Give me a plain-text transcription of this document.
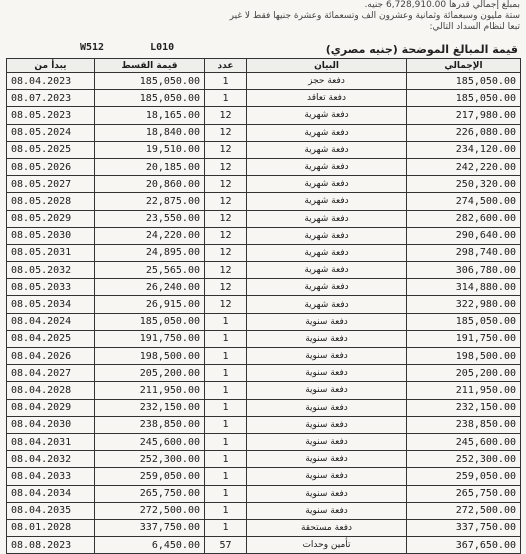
بمبلغ إجمالي قدرها 6,728,910.00 جنيه.
ستة مليون وسبعمائة وثمانية وعشرون ألف وتسعمائة وعشرة جنيها فقط لا غير
تبعا لنظام السداد التالي:
W512	L010	قيمة المبالغ الموضحة (جنيه مصري)
يبدأ من	قيمة القسط	عدد	البيان	الإجمالي
08.04.2023	185,050.00	1	دفعة حجز	185,050.00
08.07.2023	185,050.00	1	دفعة تعاقد	185,050.00
08.05.2023	18,165.00	12	دفعة شهرية	217,980.00
08.05.2024	18,840.00	12	دفعة شهرية	226,080.00
08.05.2025	19,510.00	12	دفعة شهرية	234,120.00
08.05.2026	20,185.00	12	دفعة شهرية	242,220.00
08.05.2027	20,860.00	12	دفعة شهرية	250,320.00
08.05.2028	22,875.00	12	دفعة شهرية	274,500.00
08.05.2029	23,550.00	12	دفعة شهرية	282,600.00
08.05.2030	24,220.00	12	دفعة شهرية	290,640.00
08.05.2031	24,895.00	12	دفعة شهرية	298,740.00
08.05.2032	25,565.00	12	دفعة شهرية	306,780.00
08.05.2033	26,240.00	12	دفعة شهرية	314,880.00
08.05.2034	26,915.00	12	دفعة شهرية	322,980.00
08.04.2024	185,050.00	1	دفعة سنوية	185,050.00
08.04.2025	191,750.00	1	دفعة سنوية	191,750.00
08.04.2026	198,500.00	1	دفعة سنوية	198,500.00
08.04.2027	205,200.00	1	دفعة سنوية	205,200.00
08.04.2028	211,950.00	1	دفعة سنوية	211,950.00
08.04.2029	232,150.00	1	دفعة سنوية	232,150.00
08.04.2030	238,850.00	1	دفعة سنوية	238,850.00
08.04.2031	245,600.00	1	دفعة سنوية	245,600.00
08.04.2032	252,300.00	1	دفعة سنوية	252,300.00
08.04.2033	259,050.00	1	دفعة سنوية	259,050.00
08.04.2034	265,750.00	1	دفعة سنوية	265,750.00
08.04.2035	272,500.00	1	دفعة سنوية	272,500.00
08.01.2028	337,750.00	1	دفعة مستحقة	337,750.00
08.08.2023	6,450.00	57	تأمين وحدات	367,650.00
